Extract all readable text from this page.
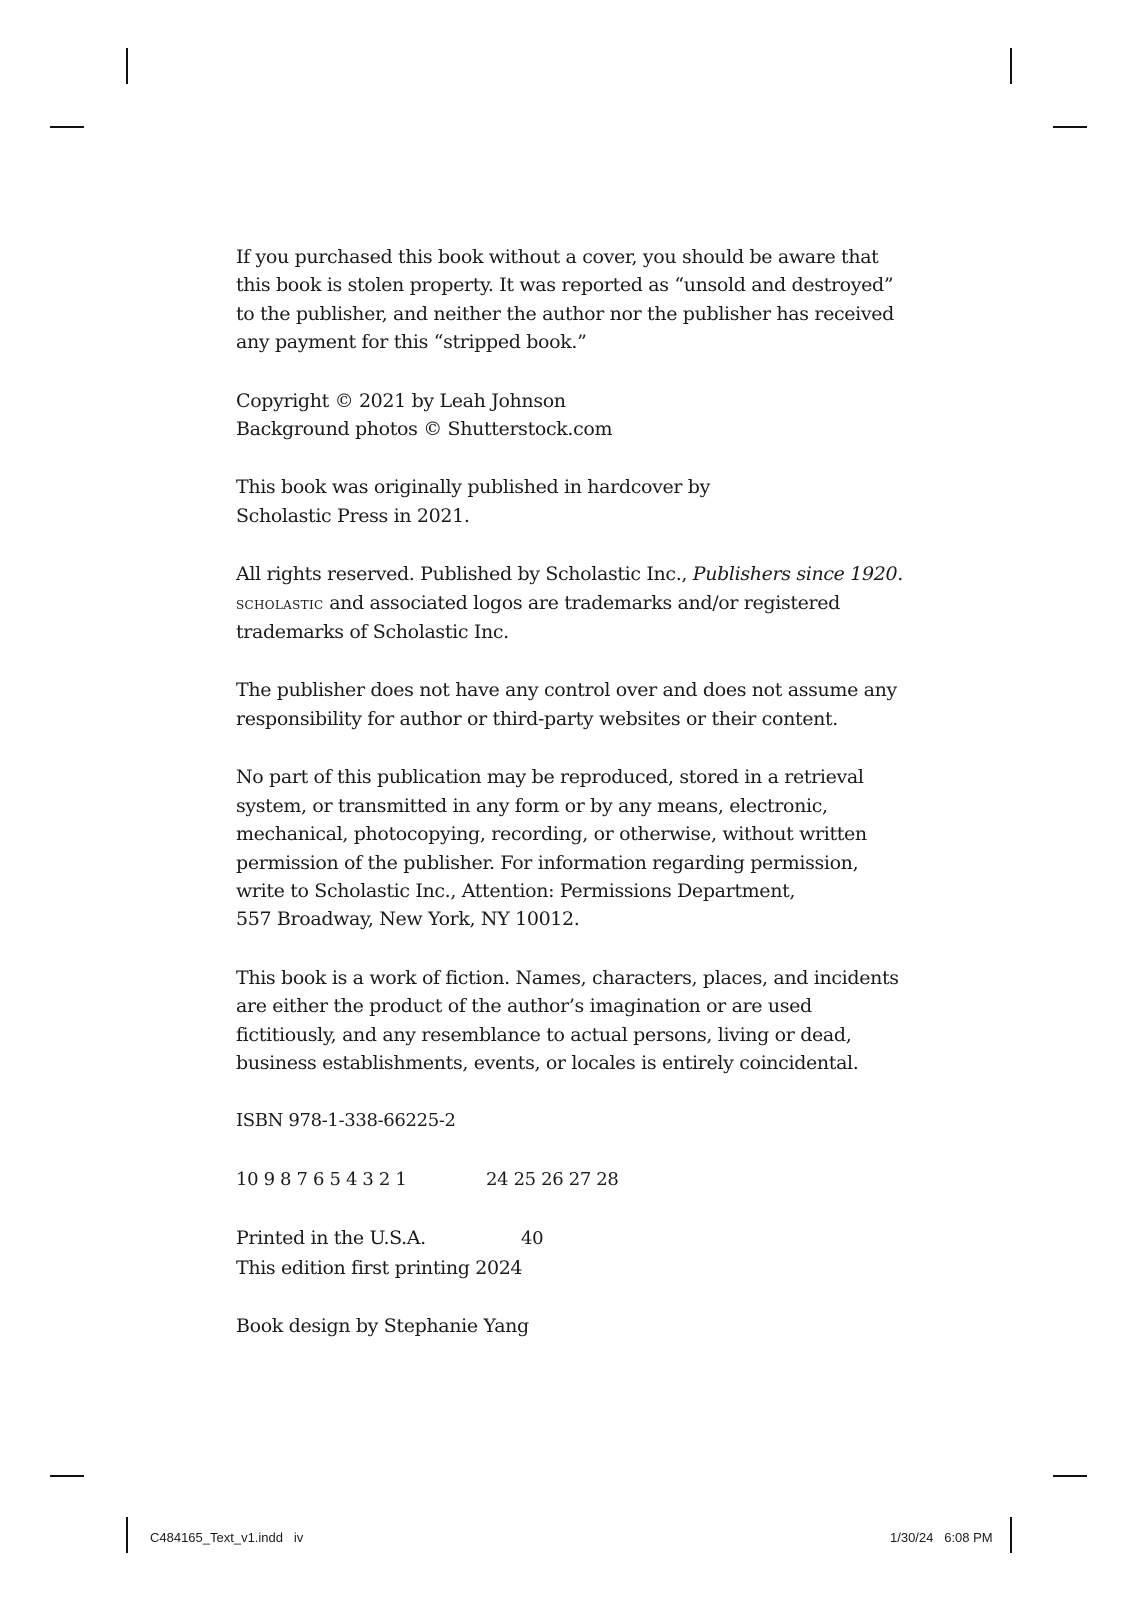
If you purchased this book without a cover, you should be aware that
this book is stolen property. It was reported as “unsold and destroyed”
to the publisher, and neither the author nor the publisher has received
any payment for this “stripped book.”

Copyright © 2021 by Leah Johnson
Background photos © Shutterstock.com

This book was originally published in hardcover by
Scholastic Press in 2021.

All rights reserved. Published by Scholastic Inc., Publishers since 1920.
scholastic and associated logos are trademarks and/or registered
trademarks of Scholastic Inc.

The publisher does not have any control over and does not assume any
responsibility for author or third-party websites or their content.

No part of this publication may be reproduced, stored in a retrieval
system, or transmitted in any form or by any means, electronic,
mechanical, photocopying, recording, or otherwise, without written
permission of the publisher. For information regarding permission,
write to Scholastic Inc., Attention: Permissions Department,
557 Broadway, New York, NY 10012.

This book is a work of fiction. Names, characters, places, and incidents
are either the product of the author’s imagination or are used
fictitiously, and any resemblance to actual persons, living or dead,
business establishments, events, or locales is entirely coincidental.

ISBN 978-1-338-66225-2

10 9 8 7 6 5 4 3 2 1	24 25 26 27 28

Printed in the U.S.A.	40
This edition first printing 2024

Book design by Stephanie Yang

C484165_Text_v1.indd   iv	1/30/24   6:08 PM
